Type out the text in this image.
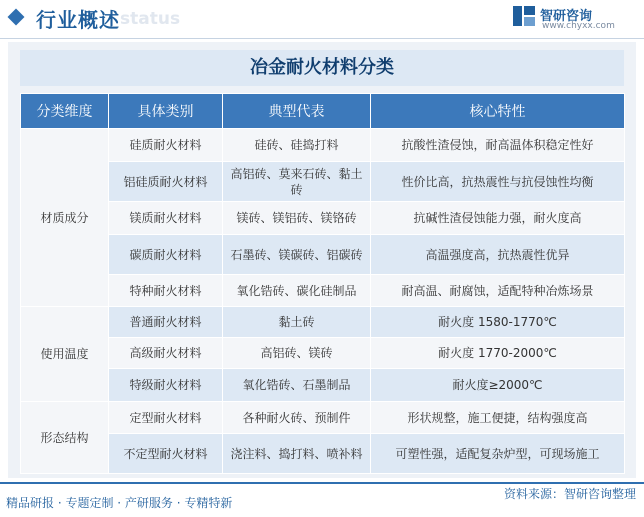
status
行业概述	智研咨询
www.chyxx.com
冶金耐火材料分类
分类维度	具体类别	典型代表	核心特性
材质成分	硅质耐火材料	硅砖、硅捣打料	抗酸性渣侵蚀，耐高温体积稳定性好
	铝硅质耐火材料	高铝砖、莫来石砖、黏土砖	性价比高，抗热震性与抗侵蚀性均衡
	镁质耐火材料	镁砖、镁铝砖、镁铬砖	抗碱性渣侵蚀能力强，耐火度高
	碳质耐火材料	石墨砖、镁碳砖、铝碳砖	高温强度高，抗热震性优异
	特种耐火材料	氧化锆砖、碳化硅制品	耐高温、耐腐蚀，适配特种冶炼场景
使用温度	普通耐火材料	黏土砖	耐火度 1580-1770℃
	高级耐火材料	高铝砖、镁砖	耐火度 1770-2000℃
	特级耐火材料	氧化锆砖、石墨制品	耐火度≥2000℃
形态结构	定型耐火材料	各种耐火砖、预制件	形状规整，施工便捷，结构强度高
	不定型耐火材料	浇注料、捣打料、喷补料	可塑性强，适配复杂炉型，可现场施工
资料来源：智研咨询整理
精品研报 · 专题定制 · 产研服务 · 专精特新
